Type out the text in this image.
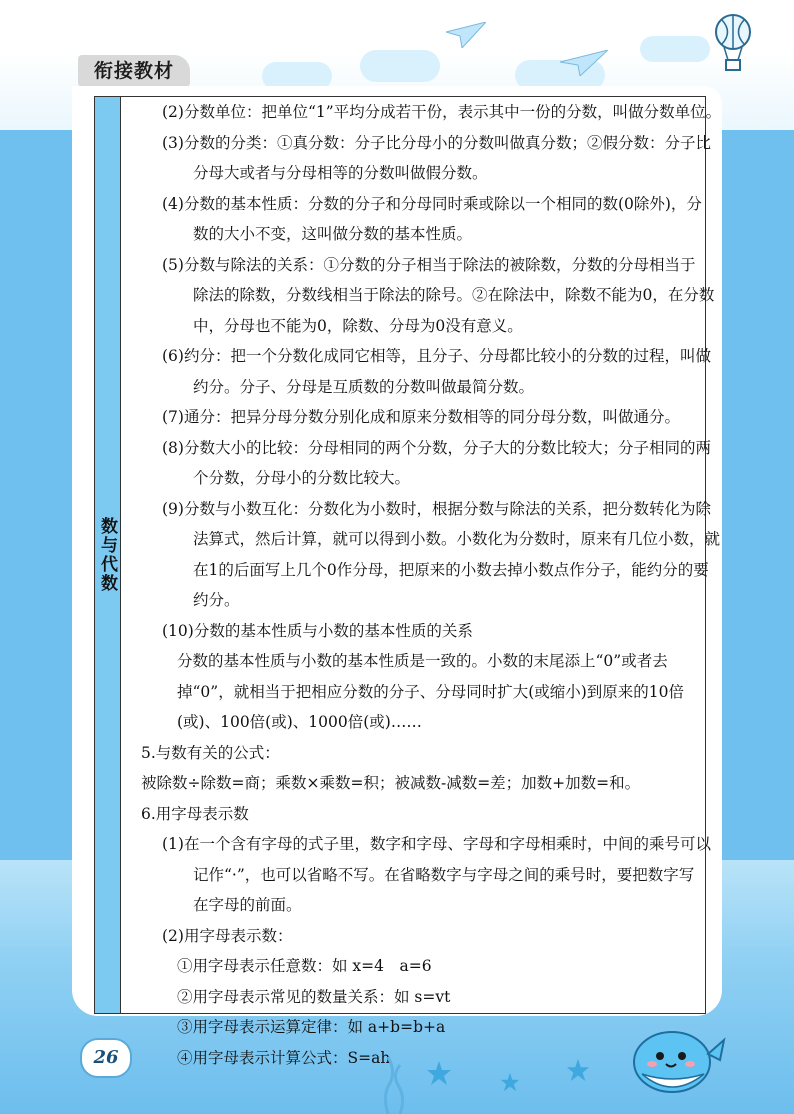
衔接教材
数与代数
(2)分数单位：把单位“1”平均分成若干份，表示其中一份的分数，叫做分数单位。
(3)分数的分类：①真分数：分子比分母小的分数叫做真分数；②假分数：分子比
分母大或者与分母相等的分数叫做假分数。
(4)分数的基本性质：分数的分子和分母同时乘或除以一个相同的数(0除外)，分
数的大小不变，这叫做分数的基本性质。
(5)分数与除法的关系：①分数的分子相当于除法的被除数，分数的分母相当于
除法的除数，分数线相当于除法的除号。②在除法中，除数不能为0，在分数
中，分母也不能为0，除数、分母为0没有意义。
(6)约分：把一个分数化成同它相等，且分子、分母都比较小的分数的过程，叫做
约分。分子、分母是互质数的分数叫做最简分数。
(7)通分：把异分母分数分别化成和原来分数相等的同分母分数，叫做通分。
(8)分数大小的比较：分母相同的两个分数，分子大的分数比较大；分子相同的两
个分数，分母小的分数比较大。
(9)分数与小数互化：分数化为小数时，根据分数与除法的关系，把分数转化为除
法算式，然后计算，就可以得到小数。小数化为分数时，原来有几位小数，就
在1的后面写上几个0作分母，把原来的小数去掉小数点作分子，能约分的要
约分。
(10)分数的基本性质与小数的基本性质的关系
分数的基本性质与小数的基本性质是一致的。小数的末尾添上“0”或者去
掉“0”，就相当于把相应分数的分子、分母同时扩大(或缩小)到原来的10倍
(或)、100倍(或)、1000倍(或)……
5.与数有关的公式：
被除数÷除数=商；乘数×乘数=积；被减数-减数=差；加数+加数=和。
6.用字母表示数
(1)在一个含有字母的式子里，数字和字母、字母和字母相乘时，中间的乘号可以
记作“·”，也可以省略不写。在省略数字与字母之间的乘号时，要把数字写
在字母的前面。
(2)用字母表示数：
①用字母表示任意数：如 x=4　a=6
②用字母表示常见的数量关系：如 s=vt
③用字母表示运算定律：如 a+b=b+a
④用字母表示计算公式：S=ah
26
